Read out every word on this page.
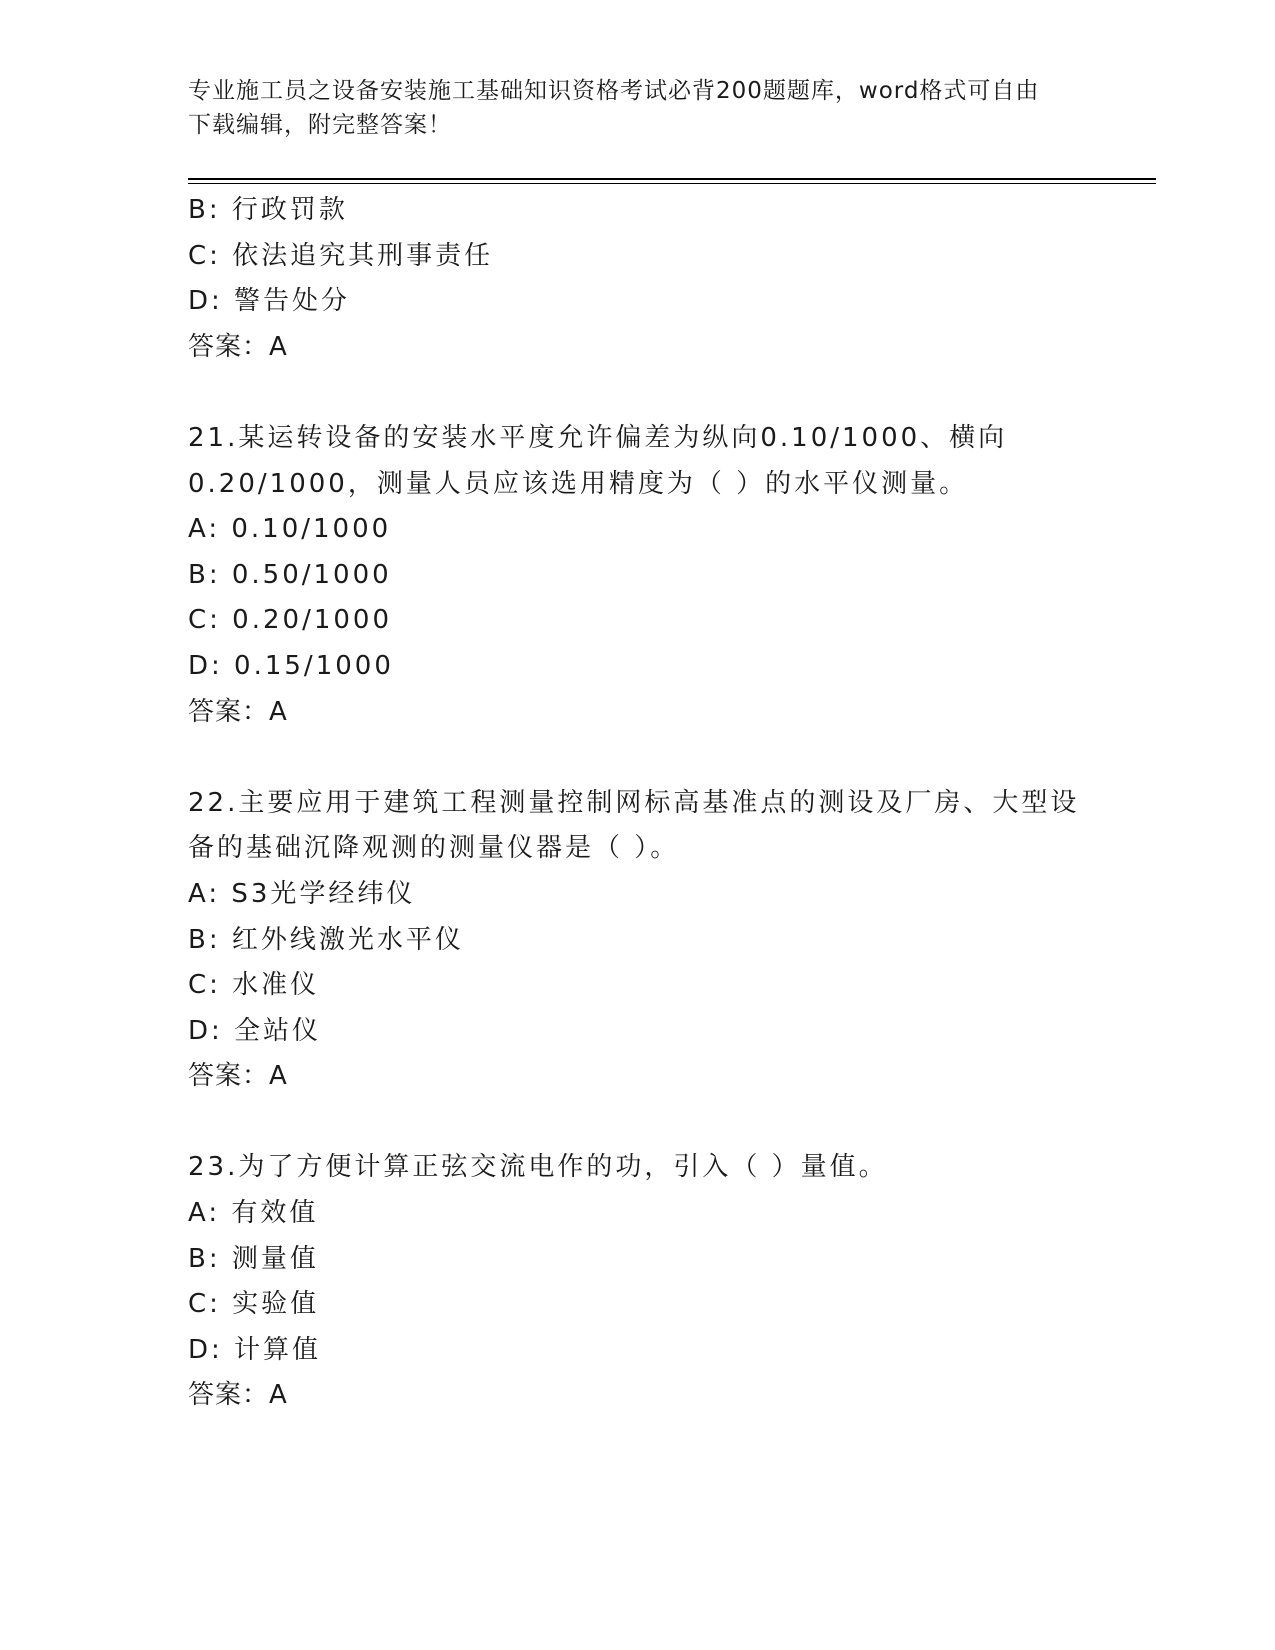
专业施工员之设备安装施工基础知识资格考试必背200题题库，word格式可自由
下载编辑，附完整答案！
B: 行政罚款
C: 依法追究其刑事责任
D: 警告处分
答案：A
21.某运转设备的安装水平度允许偏差为纵向0.10/1000、横向
0.20/1000，测量人员应该选用精度为（ ）的水平仪测量。
A: 0.10/1000
B: 0.50/1000
C: 0.20/1000
D: 0.15/1000
答案：A
22.主要应用于建筑工程测量控制网标高基准点的测设及厂房、大型设
备的基础沉降观测的测量仪器是（ ）。
A: S3光学经纬仪
B: 红外线激光水平仪
C: 水准仪
D: 全站仪
答案：A
23.为了方便计算正弦交流电作的功，引入（ ）量值。
A: 有效值
B: 测量值
C: 实验值
D: 计算值
答案：A
